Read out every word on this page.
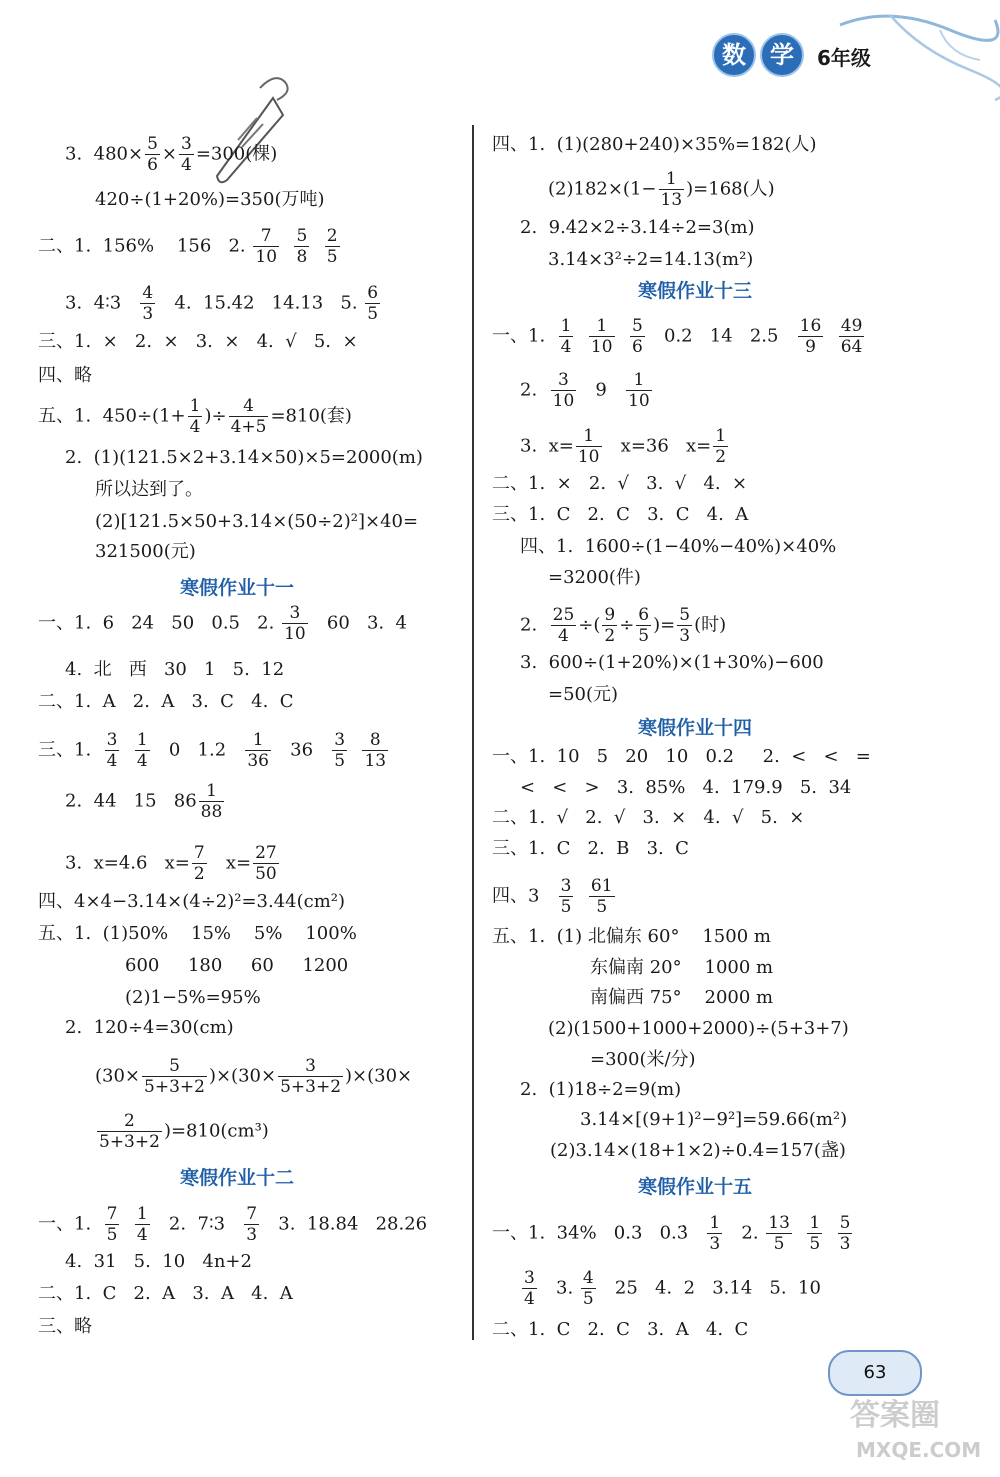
数 学	6年级
3.  $480\times \frac{5}{6} \times \frac{3}{4} =300$(棵)
420÷(1+20%)=350(万吨)
二、1.  156%    156   2. $\frac{7}{10}$
$\frac{5}{8}$
$\frac{2}{5}$
3.  4∶3 $\frac{4}{3} 4$.  15.42   14.13   5. $\frac{6}{5}$
三、1.  ×   2.  ×   3.  ×   4.  √   5.  ×
四、略
五、1.  $450\div(1+ \frac{1}{4}$ )÷ $\frac{4}{4+5} =810$(套)
2.  (1)(121.5×2+3.14×50)×5=2000(m)
所以达到了。
(2)[121.5×50+3.14×(50÷2)²]×40=
321500(元)
寒假作业十一
一、1.  6   24   50   0.5   2. $\frac{3}{10} 60$   3.  4
4.  北   西   30   1   5.  12
二、1.  A   2.  A   3.  C   4.  C
三、1. $\frac{3}{4}$
$\frac{1}{4} 0$   $1.2 \frac{1}{36} 36 \frac{3}{5}$
$\frac{8}{13}$
2.  44   15   $86 \frac{1}{88}$
3.  x=4.6   $x= \frac{7}{2} x= \frac{27}{50}$
四、4×4−3.14×(4÷2)²=3.44(cm²)
五、1.  (1)50%    15%    5%    100%
600     180     60     1200
(2)1−5%=95%
2.  120÷4=30(cm)
$(30\times \frac{5}{5+3+2} )\times(30\times \frac{3}{5+3+2} )\times(30\times$
$\frac{2}{5+3+2} )=810(cm^3)$
寒假作业十二
一、1. $\frac{7}{5}$
$\frac{1}{4} 2$.  7∶3 $\frac{7}{3} 3$.  18.84   28.26
4.  31   5.  10   4n+2
二、1.  C   2.  A   3.  A   4.  A
三、略
四、1.  (1)(280+240)×35%=182(人)
$(2)182\times(1- \frac{1}{13} )=168$(人)
2.  9.42×2÷3.14÷2=3(m)
3.14×3²÷2=14.13(m²)
寒假作业十三
一、1. $\frac{1}{4}$
$\frac{1}{10}$
$\frac{5}{6} 0.2$   14   $2.5 \frac{16}{9}$
$\frac{49}{64}$
2. $\frac{3}{10} 9 \frac{1}{10}$
3.  $x= \frac{1}{10} x=36$   $x= \frac{1}{2}$
二、1.  ×   2.  √   3.  √   4.  ×
三、1.  C   2.  C   3.  C   4.  A
四、1.  1600÷(1−40%−40%)×40%
=3200(件)
2. $\frac{25}{4}$ ÷( $\frac{9}{2} \div \frac{6}{5}$ )= $\frac{5}{3}$ (时)
3.  600÷(1+20%)×(1+30%)−600
=50(元)
寒假作业十四
一、1.  10   5   20   10   0.2     2.  <   <   =
<   <   >   3.  85%   4.  179.9   5.  34
二、1.  √   2.  √   3.  ×   4.  √   5.  ×
三、1.  C   2.  B   3.  C
四、$3 \frac{3}{5}$
$\frac{61}{5}$
五、1.  (1) 北偏东 60°    1500 m
东偏南 20°    1000 m
南偏西 75°    2000 m
(2)(1500+1000+2000)÷(5+3+7)
=300(米/分)
2.  (1)18÷2=9(m)
3.14×[(9+1)²−9²]=59.66(m²)
(2)3.14×(18+1×2)÷0.4=157(盏)
寒假作业十五
一、1.  34%   0.3   0.3̇ $\frac{1}{3} 2$. $\frac{13}{5}$
$\frac{1}{5}$
$\frac{5}{3}$
$\frac{3}{4} 3$. $\frac{4}{5} 25$   4.  2   3.14   5.  10
二、1.  C   2.  C   3.  A   4.  C
63
答案圈
MXQE.COM
